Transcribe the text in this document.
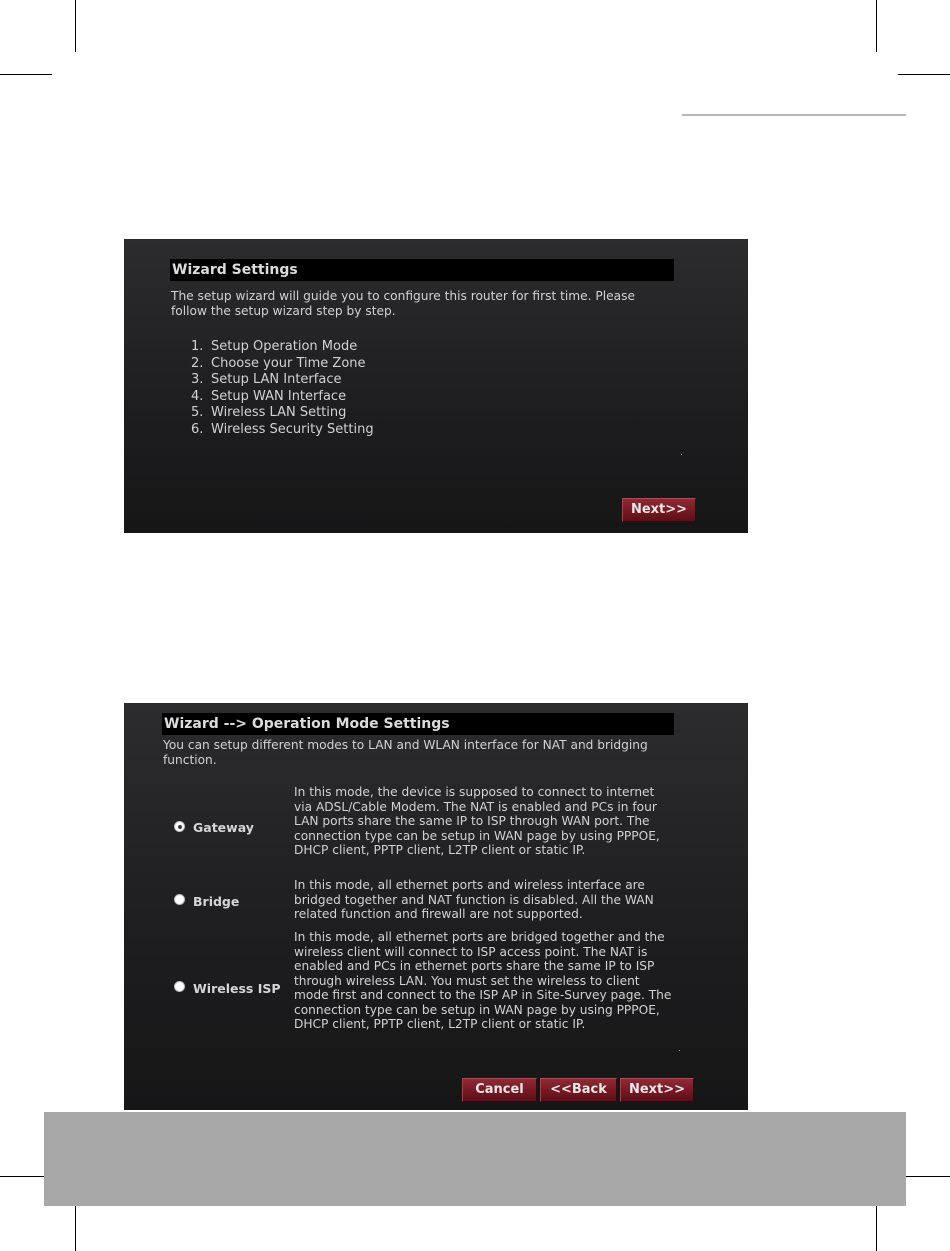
Wizard Settings
The setup wizard will guide you to configure this router for first time. Please follow the setup wizard step by step.
1. Setup Operation Mode
2. Choose your Time Zone
3. Setup LAN Interface
4. Setup WAN Interface
5. Wireless LAN Setting
6. Wireless Security Setting
Next>>
Wizard --> Operation Mode Settings
You can setup different modes to LAN and WLAN interface for NAT and bridging function.
Gateway
In this mode, the device is supposed to connect to internet via ADSL/Cable Modem. The NAT is enabled and PCs in four LAN ports share the same IP to ISP through WAN port. The connection type can be setup in WAN page by using PPPOE, DHCP client, PPTP client, L2TP client or static IP.
Bridge
In this mode, all ethernet ports and wireless interface are bridged together and NAT function is disabled. All the WAN related function and firewall are not supported.
Wireless ISP
In this mode, all ethernet ports are bridged together and the wireless client will connect to ISP access point. The NAT is enabled and PCs in ethernet ports share the same IP to ISP through wireless LAN. You must set the wireless to client mode first and connect to the ISP AP in Site-Survey page. The connection type can be setup in WAN page by using PPPOE, DHCP client, PPTP client, L2TP client or static IP.
Cancel	<<Back	Next>>
